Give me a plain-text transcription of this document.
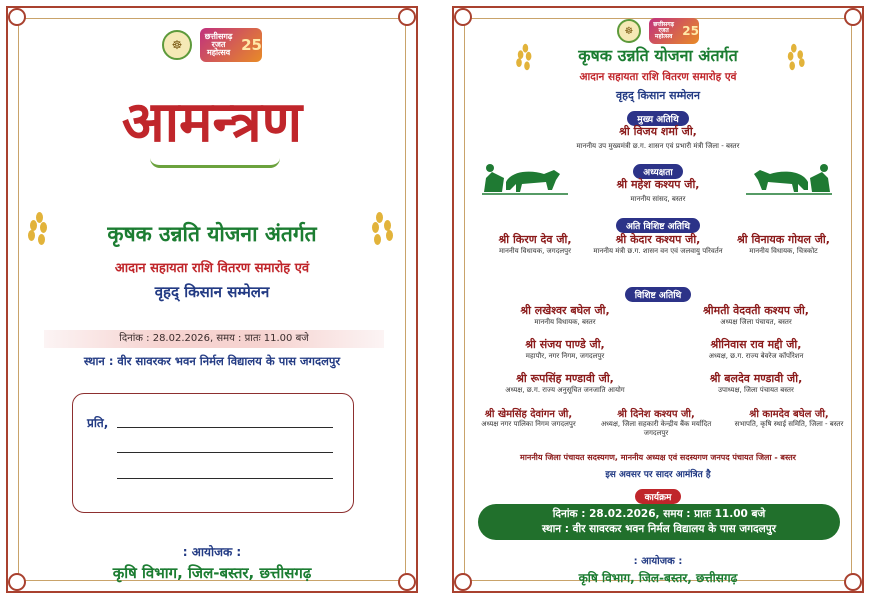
☸
छत्तीसगढ़ रजत महोत्सव 25
आमन्त्रण
कृषक उन्नति योजना अंतर्गत
आदान सहायता राशि वितरण समारोह एवं
वृहद् किसान सम्मेलन
दिनांक : 28.02.2026, समय : प्रातः 11.00 बजे
स्थान : वीर सावरकर भवन निर्मल विद्यालय के पास जगदलपुर
प्रति,
: आयोजक :
कृषि विभाग, जिल-बस्तर, छत्तीसगढ़
☸
छत्तीसगढ़ रजत महोत्सव 25
कृषक उन्नति योजना अंतर्गत
आदान सहायता राशि वितरण समारोह एवं
वृहद् किसान सम्मेलन
मुख्य अतिथि
श्री विजय शर्मा जी,
माननीय उप मुख्यमंत्री छ.ग. शासन एवं प्रभारी मंत्री जिला - बस्तर
अध्यक्षता
श्री महेश कश्यप जी,
माननीय सांसद, बस्तर
अति विशिष्ट अतिथि
श्री किरण देव जी,
माननीय विधायक, जगदलपुर
श्री केदार कश्यप जी,
माननीय मंत्री छ.ग. शासन वन एवं जलवायु परिवर्तन
श्री विनायक गोयल जी,
माननीय विधायक, चित्रकोट
विशिष्ट अतिथि
श्री लखेश्वर बघेल जी,
माननीय विधायक, बस्तर
श्रीमती वेदवती कश्यप जी,
अध्यक्ष जिला पंचायत, बस्तर
श्री संजय पाण्डे जी,
महापौर, नगर निगम, जगदलपुर
श्रीनिवास राव मद्दी जी,
अध्यक्ष, छ.ग. राज्य बेवरेज कॉर्पोरेशन
श्री रूपसिंह मण्डावी जी,
अध्यक्ष, छ.ग. राज्य अनुसूचित जनजाति आयोग
श्री बलदेव मण्डावी जी,
उपाध्यक्ष, जिला पंचायत बस्तर
श्री खेमसिंह देवांगन जी,
अध्यक्ष नगर पालिका निगम जगदलपुर
श्री दिनेश कश्यप जी,
अध्यक्ष, जिला सहकारी केन्द्रीय बैंक मर्यादित जगदलपुर
श्री कामदेव बघेल जी,
सभापति, कृषि स्थाई समिति, जिला - बस्तर
माननीय जिला पंचायत सदस्यगण, माननीय अध्यक्ष एवं सदस्यगण जनपद पंचायत जिला - बस्तर
इस अवसर पर सादर आमंत्रित है
कार्यक्रम
दिनांक : 28.02.2026, समय : प्रातः 11.00 बजे
स्थान : वीर सावरकर भवन निर्मल विद्यालय के पास जगदलपुर
: आयोजक :
कृषि विभाग, जिल-बस्तर, छत्तीसगढ़
